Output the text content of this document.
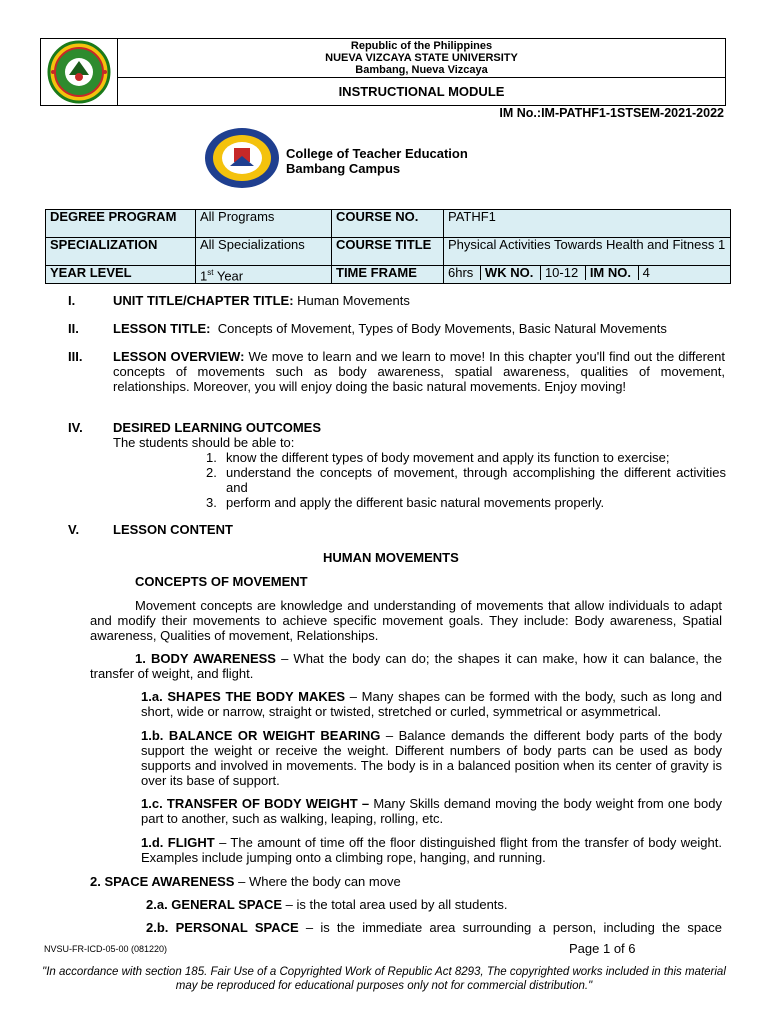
Republic of the Philippines
NUEVA VIZCAYA STATE UNIVERSITY
Bambang, Nueva Vizcaya
INSTRUCTIONAL MODULE
IM No.:IM-PATHF1-1STSEM-2021-2022
College of Teacher Education
Bambang Campus
DEGREE PROGRAM	All Programs	COURSE NO.	PATHF1
SPECIALIZATION	All Specializations	COURSE TITLE	Physical Activities Towards Health and Fitness 1
YEAR LEVEL	1st Year	TIME FRAME	6hrs WK NO. 10-12 IM NO. 4
I.	UNIT TITLE/CHAPTER TITLE: Human Movements
II.	LESSON TITLE:  Concepts of Movement, Types of Body Movements, Basic Natural Movements
III. LESSON OVERVIEW: We move to learn and we learn to move! In this chapter you'll find out the different concepts of movements such as body awareness, spatial awareness, qualities of movement, relationships. Moreover, you will enjoy doing the basic natural movements. Enjoy moving!
IV. DESIRED LEARNING OUTCOMES
The students should be able to:
1. know the different types of body movement and apply its function to exercise;
2. understand the concepts of movement, through accomplishing the different activities and
3. perform and apply the different basic natural movements properly.
V.	LESSON CONTENT
HUMAN MOVEMENTS
CONCEPTS OF MOVEMENT
Movement concepts are knowledge and understanding of movements that allow individuals to adapt and modify their movements to achieve specific movement goals. They include: Body awareness, Spatial awareness, Qualities of movement, Relationships.
1. BODY AWARENESS – What the body can do; the shapes it can make, how it can balance, the transfer of weight, and flight.
1.a. SHAPES THE BODY MAKES – Many shapes can be formed with the body, such as long and short, wide or narrow, straight or twisted, stretched or curled, symmetrical or asymmetrical.
1.b. BALANCE OR WEIGHT BEARING – Balance demands the different body parts of the body support the weight or receive the weight. Different numbers of body parts can be used as body supports and involved in movements. The body is in a balanced position when its center of gravity is over its base of support.
1.c. TRANSFER OF BODY WEIGHT – Many Skills demand moving the body weight from one body part to another, such as walking, leaping, rolling, etc.
1.d. FLIGHT – The amount of time off the floor distinguished flight from the transfer of body weight. Examples include jumping onto a climbing rope, hanging, and running.
2. SPACE AWARENESS – Where the body can move
2.a. GENERAL SPACE – is the total area used by all students.
2.b. PERSONAL SPACE – is the immediate area surrounding a person, including the space
NVSU-FR-ICD-05-00 (081220)	Page 1 of 6
"In accordance with section 185. Fair Use of a Copyrighted Work of Republic Act 8293, The copyrighted works included in this material may be reproduced for educational purposes only not for commercial distribution."
